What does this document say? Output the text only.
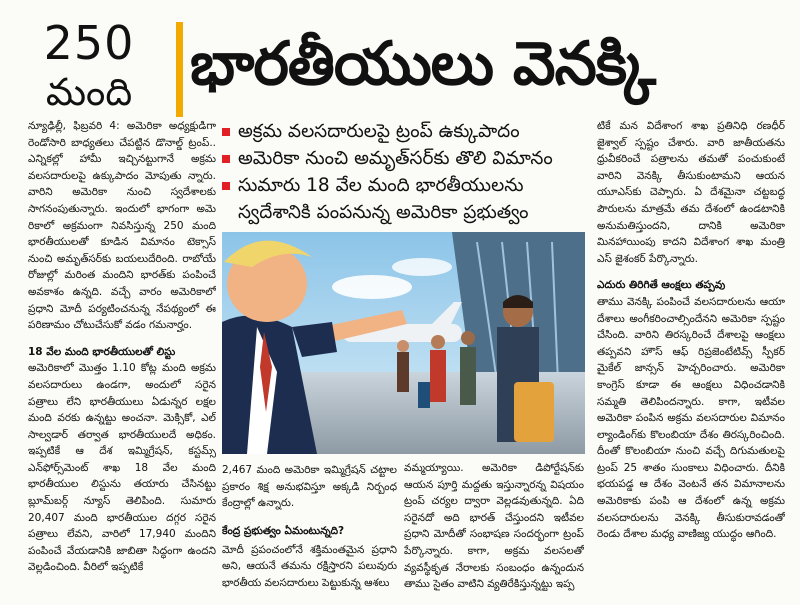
250
మంది భారతీయులు వెనక్కి

న్యూఢిల్లీ, ఫిబ్రవరి 4: అమెరికా అధ్యక్షుడిగా రెండోసారి బాధ్యతలు చేపట్టిన డొనాల్డ్ ట్రంప్.. ఎన్నికల్లో హామీ ఇచ్చినట్టుగానే అక్రమ వలసదారులపై ఉక్కుపాదం మోపుతు న్నారు. వారిని అమెరికా నుంచి స్వదేశాలకు సాగనంపుతున్నారు. ఇందులో భాగంగా అమె రికాలో అక్రమంగా నివసిస్తున్న 250 మంది భారతీయులతో కూడిన విమానం టెక్సాస్ నుంచి అమృత్‌సర్‌కు బయలుదేరింది. రాబోయే రోజుల్లో మరింత మందిని భారత్‌కు పంపించే అవకాశం ఉన్నది. వచ్చే వారం అమెరికాలో ప్రధాని మోదీ పర్యటించనున్న నేపథ్యంలో ఈ పరిణామం చోటుచేసుకో వడం గమనార్హం.

18 వేల మంది భారతీయులతో లిస్టు

అమెరికాలో మొత్తం 1.10 కోట్ల మంది అక్రమ వలసదారులు ఉండగా, అందులో సరైన పత్రాలు లేని భారతీయులు ఏడున్నర లక్షల మంది వరకు ఉన్నట్టు అంచనా. మెక్సికో, ఎల్ సాల్వడార్ తర్వాత భారతీయులదే అధికం. ఇప్పటికే ఆ దేశ ఇమ్మిగ్రేషన్, కస్టమ్స్ ఎన్‌ఫోర్స్‌మెంట్ శాఖ 18 వేల మంది భారతీయుల లిస్టును తయారు చేసినట్టు బ్లూమ్‌బర్గ్ న్యూస్ తెలిపింది. సుమారు 20,407 మంది భారతీయుల దగ్గర సరైన పత్రాలు లేవని, వారిలో 17,940 మందిని పంపించే వేయడానికి జాబితా సిద్ధంగా ఉందని వెల్లడించింది. వీరిలో ఇప్పటికే

అక్రమ వలసదారులపై ట్రంప్ ఉక్కుపాదం
అమెరికా నుంచి అమృత్‌సర్‌కు తొలి విమానం
సుమారు 18 వేల మంది భారతీయులను స్వదేశానికి పంపనున్న అమెరికా ప్రభుత్వం
2,467 మంది అమెరికా ఇమ్మిగ్రేషన్ చట్టాల ప్రకారం శిక్ష అనుభవిస్తూ అక్కడి నిర్బంధ కేంద్రాల్లో ఉన్నారు.

కేంద్ర ప్రభుత్వం ఏమంటున్నది?

మోదీ ప్రపంచంలోనే శక్తిమంతమైన ప్రధాని అని, ఆయనే తమను రక్షిస్తారని పలువురు భారతీయ వలసదారులు పెట్టుకున్న ఆశలు

వమ్మయ్యాయి. అమెరికా డిపోర్టేషన్‌కు ఆయన పూర్తి మద్దతు ఇస్తున్నారన్న విషయం ట్రంప్ చర్యల ద్వారా వెల్లడవుతున్నది. ఏది సరైనదో అది భారత్ చేస్తుందని ఇటీవల ప్రధాని మోదీతో సంభాషణ సందర్భంగా ట్రంప్ పేర్కొన్నారు. కాగా, అక్రమ వలసలతో వ్యవస్థీకృత నేరాలకు సంబంధం ఉన్నందున తాము సైతం వాటిని వ్యతిరేకిస్తున్నట్టు ఇప్ప

టికే మన విదేశాంగ శాఖ ప్రతినిధి రణధీర్ జైశ్వాల్ స్పష్టం చేశారు. వారి జాతీయతను ధ్రువీకరించే పత్రాలను తమతో పంచుకుంటే వారిని వెనక్కి తీసుకుంటామని ఆయన యూఎస్‌కు చెప్పారు. ఏ దేశమైనా చట్టబద్ధ పౌరులను మాత్రమే తమ దేశంలో ఉండటానికి అనుమతిస్తుందని, దానికి అమెరికా మినహాయింపు కాదని విదేశాంగ శాఖ మంత్రి ఎస్ జైశంకర్ పేర్కొన్నారు.

ఎదురు తిరిగితే ఆంక్షలు తప్పవు

తాము వెనక్కి పంపించే వలసదారులను ఆయా దేశాలు అంగీకరించాల్సిందేనని అమెరికా స్పష్టం చేసింది. వారిని తిరస్కరించే దేశాలపై ఆంక్షలు తప్పవని హౌస్ ఆఫ్ రిప్రజెంటేటివ్స్ స్పీకర్ మైకేల్ జాన్సన్ హెచ్చరించారు. అమెరికా కాంగ్రెస్ కూడా ఈ ఆంక్షలు విధించడానికి సమ్మతి తెలిపిందన్నారు. కాగా, ఇటీవల అమెరికా పంపిన అక్రమ వలసదారుల విమానం ల్యాండింగ్‌కు కొలంబియా దేశం తిరస్కరించింది. దీంతో కొలంబియా నుంచి వచ్చే దిగుమతులపై ట్రంప్ 25 శాతం సుంకాలు విధించారు. దీనికి భయపడ్డ ఆ దేశం వెంటనే తన విమానాలను అమెరికాకు పంపి ఆ దేశంలో ఉన్న అక్రమ వలసదారులను వెనక్కి తీసుకురావడంతో రెండు దేశాల మధ్య వాణిజ్య యుద్ధం ఆగింది.
